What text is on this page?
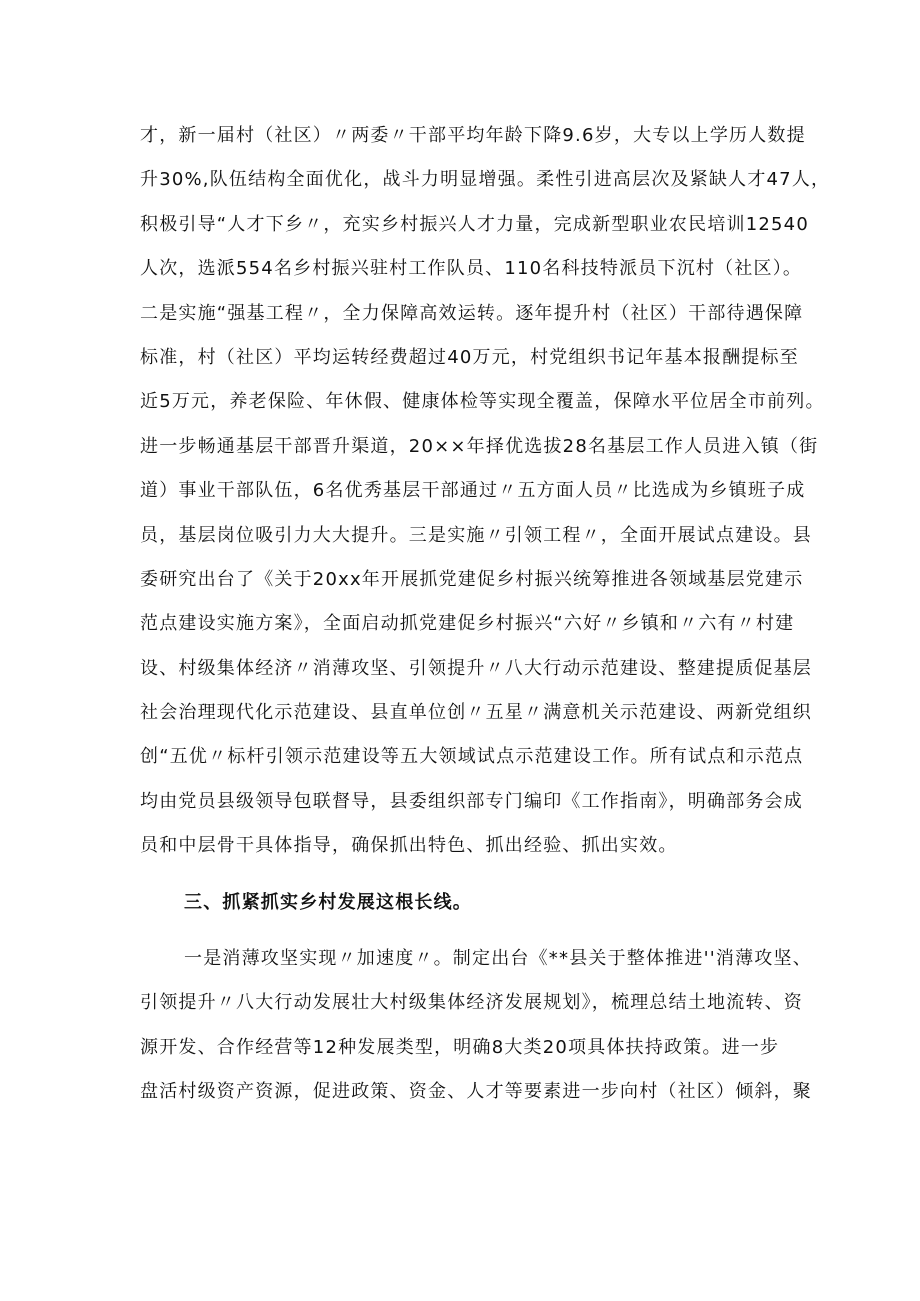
才，新一届村（社区）〃两委〃干部平均年龄下降9.6岁，大专以上学历人数提
升30%,队伍结构全面优化，战斗力明显增强。柔性引进高层次及紧缺人才47人，
积极引导“人才下乡〃，充实乡村振兴人才力量，完成新型职业农民培训12540
人次，选派554名乡村振兴驻村工作队员、110名科技特派员下沉村（社区）。
二是实施“强基工程〃，全力保障高效运转。逐年提升村（社区）干部待遇保障
标准，村（社区）平均运转经费超过40万元，村党组织书记年基本报酬提标至
近5万元，养老保险、年休假、健康体检等实现全覆盖，保障水平位居全市前列。
进一步畅通基层干部晋升渠道，20××年择优选拔28名基层工作人员进入镇（街
道）事业干部队伍，6名优秀基层干部通过〃五方面人员〃比选成为乡镇班子成
员，基层岗位吸引力大大提升。三是实施〃引领工程〃，全面开展试点建设。县
委研究出台了《关于20xx年开展抓党建促乡村振兴统筹推进各领域基层党建示
范点建设实施方案》，全面启动抓党建促乡村振兴“六好〃乡镇和〃六有〃村建
设、村级集体经济〃消薄攻坚、引领提升〃八大行动示范建设、整建提质促基层
社会治理现代化示范建设、县直单位创〃五星〃满意机关示范建设、两新党组织
创“五优〃标杆引领示范建设等五大领域试点示范建设工作。所有试点和示范点
均由党员县级领导包联督导，县委组织部专门编印《工作指南》，明确部务会成
员和中层骨干具体指导，确保抓出特色、抓出经验、抓出实效。
三、抓紧抓实乡村发展这根长线。
一是消薄攻坚实现〃加速度〃。制定出台《**县关于整体推进''消薄攻坚、
引领提升〃八大行动发展壮大村级集体经济发展规划》，梳理总结土地流转、资
源开发、合作经营等12种发展类型，明确8大类20项具体扶持政策。进一步
盘活村级资产资源，促进政策、资金、人才等要素进一步向村（社区）倾斜，聚
